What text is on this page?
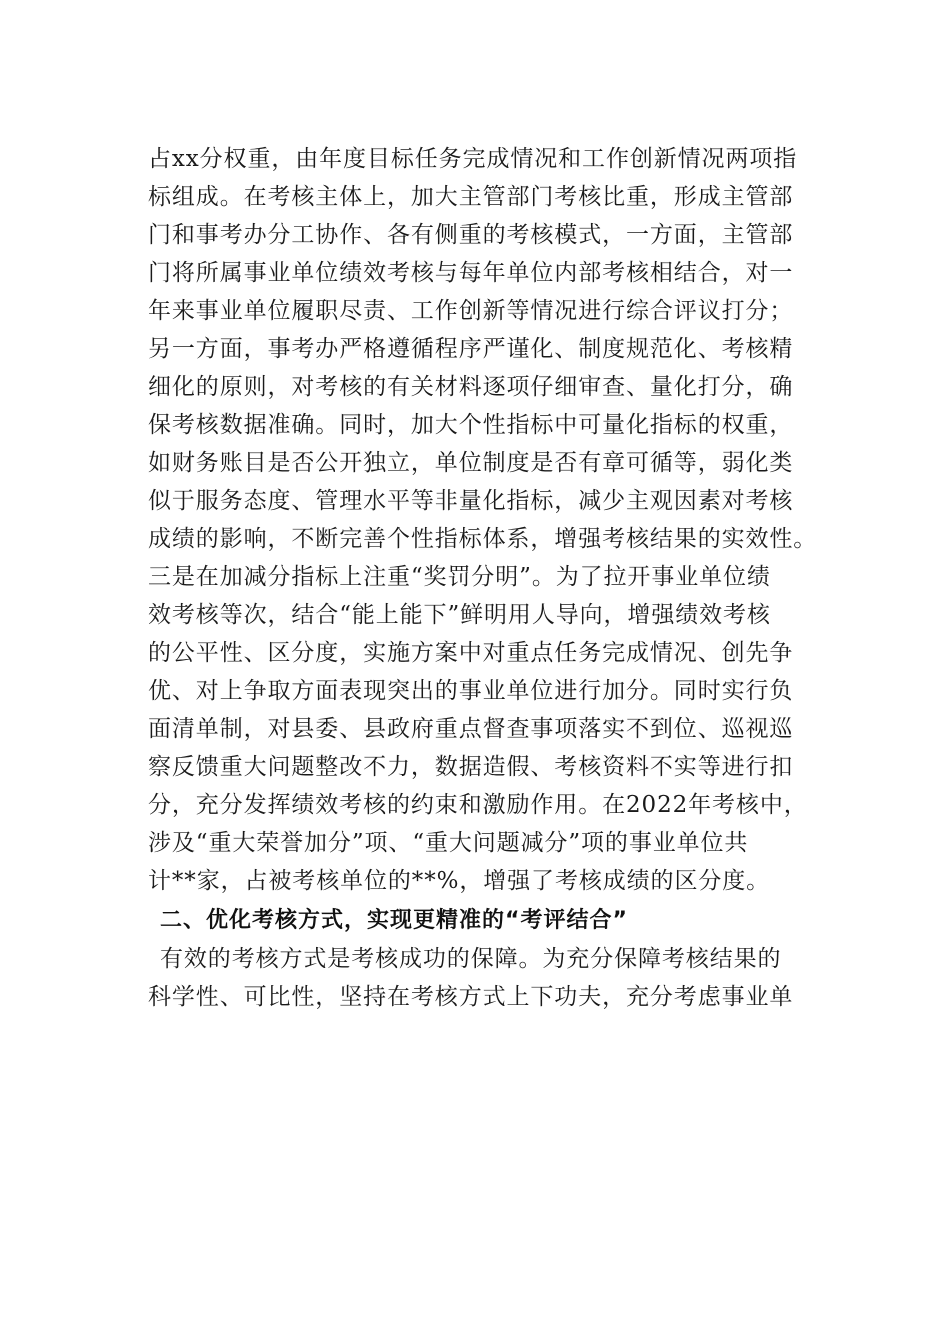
占xx分权重，由年度目标任务完成情况和工作创新情况两项指
标组成。在考核主体上，加大主管部门考核比重，形成主管部
门和事考办分工协作、各有侧重的考核模式，一方面，主管部
门将所属事业单位绩效考核与每年单位内部考核相结合，对一
年来事业单位履职尽责、工作创新等情况进行综合评议打分；
另一方面，事考办严格遵循程序严谨化、制度规范化、考核精
细化的原则，对考核的有关材料逐项仔细审查、量化打分，确
保考核数据准确。同时，加大个性指标中可量化指标的权重，
如财务账目是否公开独立，单位制度是否有章可循等，弱化类
似于服务态度、管理水平等非量化指标，减少主观因素对考核
成绩的影响，不断完善个性指标体系，增强考核结果的实效性。
三是在加减分指标上注重“奖罚分明”。为了拉开事业单位绩
效考核等次，结合“能上能下”鲜明用人导向，增强绩效考核
的公平性、区分度，实施方案中对重点任务完成情况、创先争
优、对上争取方面表现突出的事业单位进行加分。同时实行负
面清单制，对县委、县政府重点督查事项落实不到位、巡视巡
察反馈重大问题整改不力，数据造假、考核资料不实等进行扣
分，充分发挥绩效考核的约束和激励作用。在2022年考核中，
涉及“重大荣誉加分”项、“重大问题减分”项的事业单位共
计**家，占被考核单位的**%，增强了考核成绩的区分度。
二、优化考核方式，实现更精准的“考评结合”
有效的考核方式是考核成功的保障。为充分保障考核结果的
科学性、可比性，坚持在考核方式上下功夫，充分考虑事业单
